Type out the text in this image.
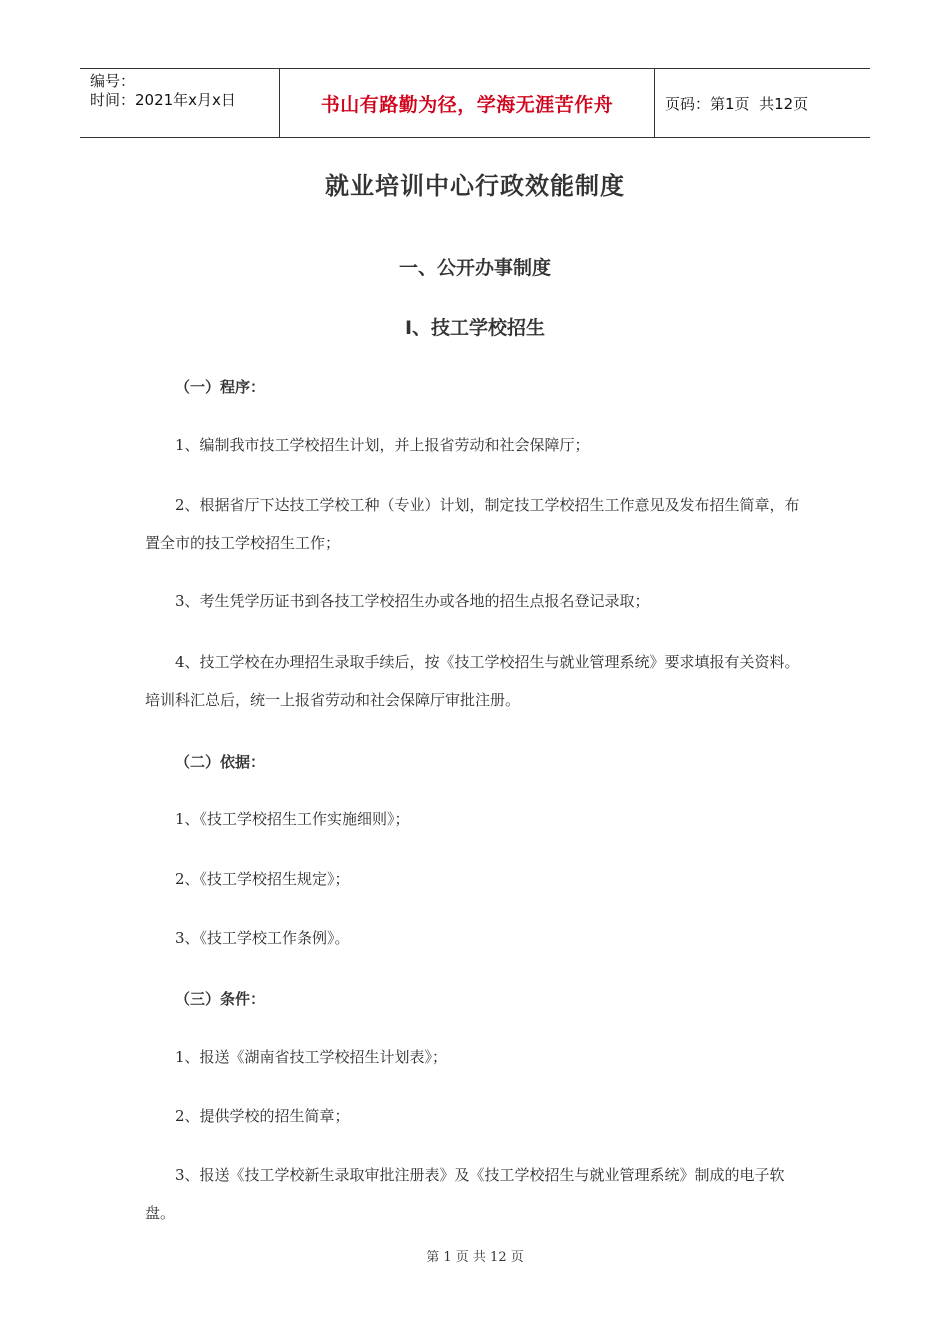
编号：
时间：2021年x月x日	书山有路勤为径，学海无涯苦作舟	页码：第1页  共12页
就业培训中心行政效能制度
一、公开办事制度
Ⅰ、技工学校招生
（一）程序：
1、编制我市技工学校招生计划，并上报省劳动和社会保障厅；
2、根据省厅下达技工学校工种（专业）计划，制定技工学校招生工作意见及发布招生简章，布置全市的技工学校招生工作；
3、考生凭学历证书到各技工学校招生办或各地的招生点报名登记录取；
4、技工学校在办理招生录取手续后，按《技工学校招生与就业管理系统》要求填报有关资料。培训科汇总后，统一上报省劳动和社会保障厅审批注册。
（二）依据：
1、《技工学校招生工作实施细则》；
2、《技工学校招生规定》；
3、《技工学校工作条例》。
（三）条件：
1、报送《湖南省技工学校招生计划表》；
2、提供学校的招生简章；
3、报送《技工学校新生录取审批注册表》及《技工学校招生与就业管理系统》制成的电子软盘。
第 1 页 共 12 页
